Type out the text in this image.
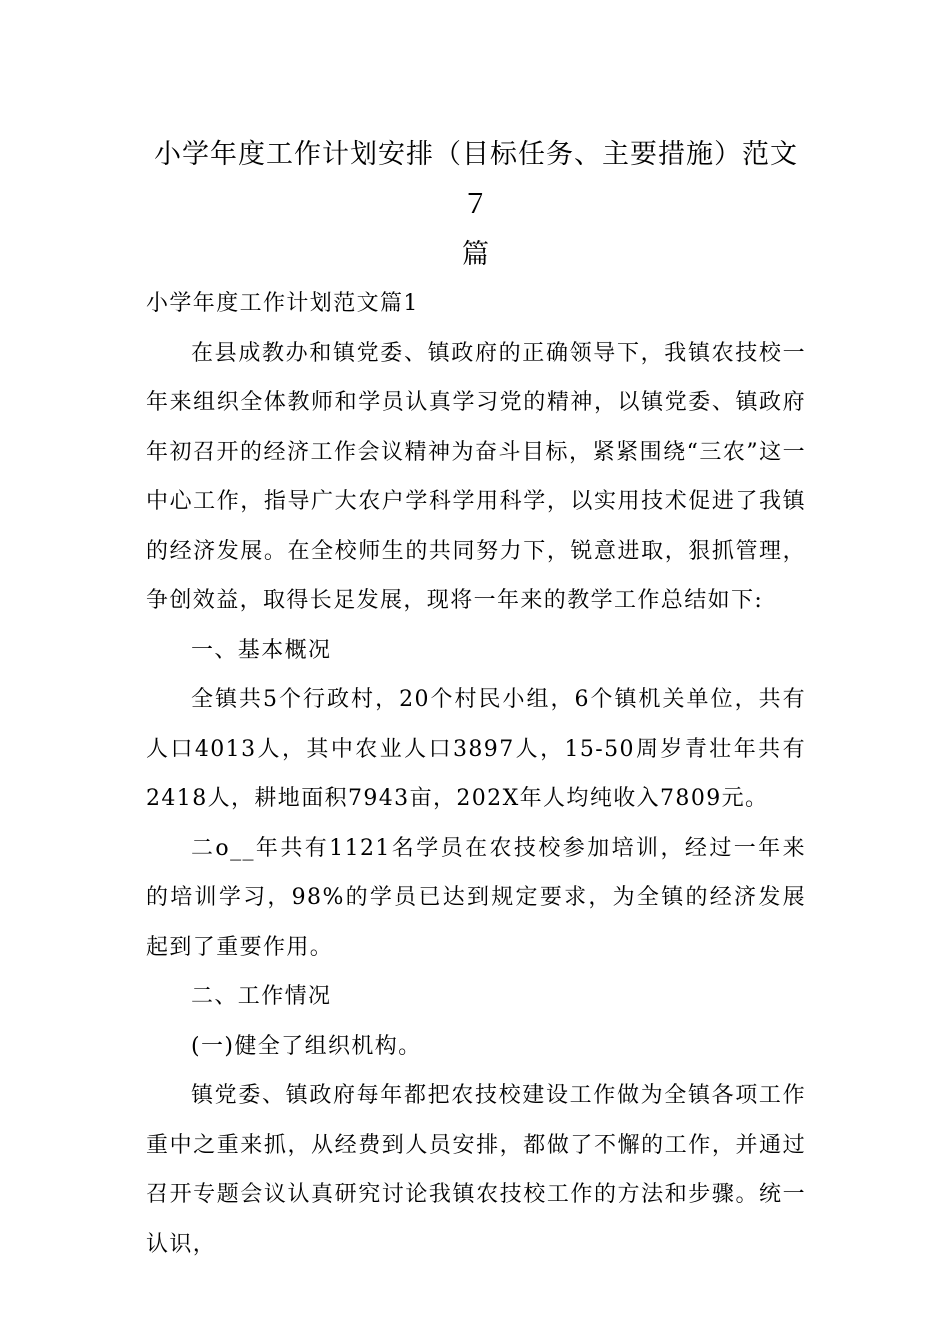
小学年度工作计划安排（目标任务、主要措施）范文７
篇

小学年度工作计划范文篇1

在县成教办和镇党委、镇政府的正确领导下，我镇农技校一年来组织全体教师和学员认真学习党的精神，以镇党委、镇政府年初召开的经济工作会议精神为奋斗目标，紧紧围绕“三农”这一中心工作，指导广大农户学科学用科学，以实用技术促进了我镇的经济发展。在全校师生的共同努力下，锐意进取，狠抓管理，争创效益，取得长足发展，现将一年来的教学工作总结如下:

一、基本概况

全镇共5个行政村，20个村民小组，6个镇机关单位，共有人口4013人，其中农业人口3897人，15-50周岁青壮年共有2418人，耕地面积7943亩，202X年人均纯收入7809元。

二o__年共有1121名学员在农技校参加培训，经过一年来的培训学习，98%的学员已达到规定要求，为全镇的经济发展起到了重要作用。

二、工作情况

(一)健全了组织机构。

镇党委、镇政府每年都把农技校建设工作做为全镇各项工作重中之重来抓，从经费到人员安排，都做了不懈的工作，并通过召开专题会议认真研究讨论我镇农技校工作的方法和步骤。统一认识，
